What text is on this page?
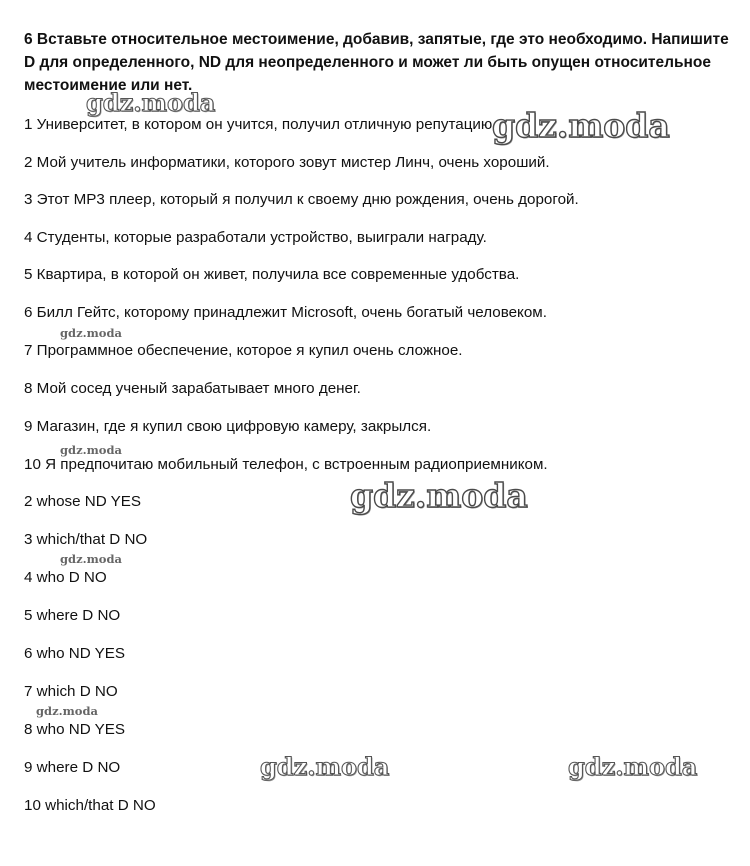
6 Вставьте относительное местоимение, добавив, запятые, где это необходимо. Напишите D для определенного, ND для неопределенного и может ли быть опущен относительное местоимение или нет.

1 Университет, в котором он учится, получил отличную репутацию.

2 Мой учитель информатики, которого зовут мистер Линч, очень хороший.

3 Этот MP3 плеер, который я получил к своему дню рождения, очень дорогой.

4 Студенты, которые разработали устройство, выиграли награду.

5 Квартира, в которой он живет, получила все современные удобства.

6 Билл Гейтс, которому принадлежит Microsoft, очень богатый человеком.

7 Программное обеспечение, которое я купил очень сложное.

8 Мой сосед ученый зарабатывает много денег.

9 Магазин, где я купил свою цифровую камеру, закрылся.

10 Я предпочитаю мобильный телефон, с встроенным радиоприемником.

2 whose ND YES

3 which/that D NO

4 who D NO

5 where D NO

6 who ND YES

7 which D NO

8 who ND YES

9 where D NO

10 which/that D NO

gdz.moda
gdz.moda
gdz.moda
gdz.moda
gdz.moda
gdz.moda
gdz.moda
gdz.moda	gdz.moda
